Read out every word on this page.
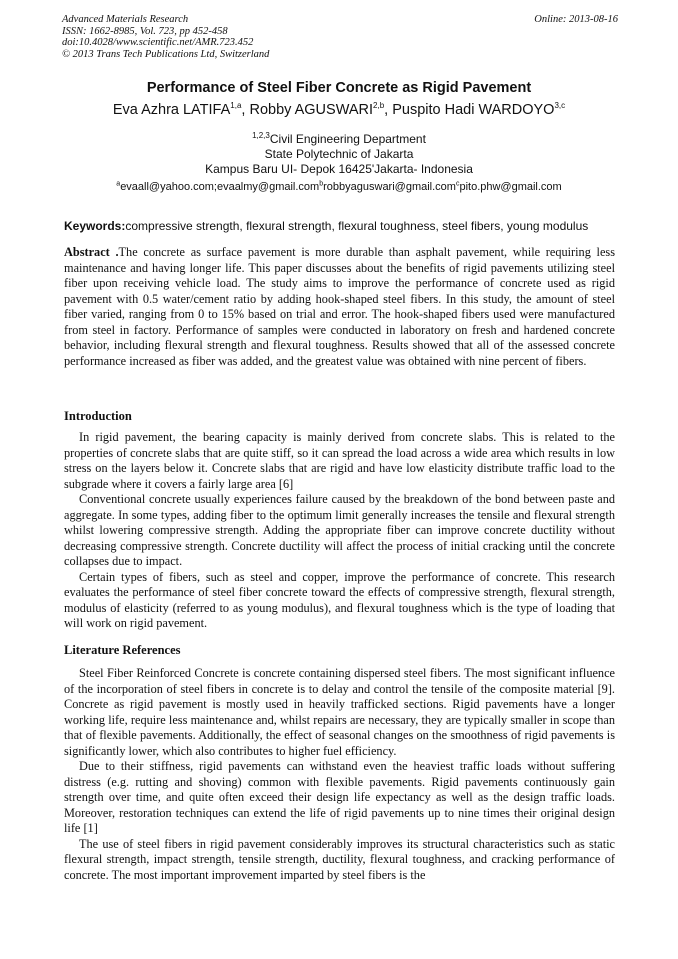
Advanced Materials Research
ISSN: 1662-8985, Vol. 723, pp 452-458
doi:10.4028/www.scientific.net/AMR.723.452
© 2013 Trans Tech Publications Ltd, Switzerland
Online: 2013-08-16
Performance of Steel Fiber Concrete as Rigid Pavement
Eva Azhra LATIFA$^{1,a}$, Robby AGUSWARI$^{2,b}$, Puspito Hadi WARDOYO$^{3,c}$
$^{1,2,3}$Civil Engineering Department
State Polytechnic of Jakarta
Kampus Baru UI- Depok 16425'Jakarta- Indonesia
$^a$evaall@yahoo.com;evaalmy@gmail.com$^b$robbyaguswari@gmail.com$^c$pito.phw@gmail.com
Keywords:compressive strength, flexural strength, flexural toughness, steel fibers, young modulus

Abstract .The concrete as surface pavement is more durable than asphalt pavement, while requiring less maintenance and having longer life. This paper discusses about the benefits of rigid pavements utilizing steel fiber upon receiving vehicle load. The study aims to improve the performance of concrete used as rigid pavement with 0.5 water/cement ratio by adding hook-shaped steel fibers. In this study, the amount of steel fiber varied, ranging from 0 to 15% based on trial and error. The hook-shaped fibers used were manufactured from steel in factory. Performance of samples were conducted in laboratory on fresh and hardened concrete behavior, including flexural strength and flexural toughness. Results showed that all of the assessed concrete performance increased as fiber was added, and the greatest value was obtained with nine percent of fibers.

Introduction

In rigid pavement, the bearing capacity is mainly derived from concrete slabs. This is related to the properties of concrete slabs that are quite stiff, so it can spread the load across a wide area which results in low stress on the layers below it. Concrete slabs that are rigid and have low elasticity distribute traffic load to the subgrade where it covers a fairly large area [6]

Conventional concrete usually experiences failure caused by the breakdown of the bond between paste and aggregate. In some types, adding fiber to the optimum limit generally increases the tensile and flexural strength whilst lowering compressive strength. Adding the appropriate fiber can improve concrete ductility without decreasing compressive strength. Concrete ductility will affect the process of initial cracking until the concrete collapses due to impact.

Certain types of fibers, such as steel and copper, improve the performance of concrete. This research evaluates the performance of steel fiber concrete toward the effects of compressive strength, flexural strength, modulus of elasticity (referred to as young modulus), and flexural toughness which is the type of loading that will work on rigid pavement.

Literature References

Steel Fiber Reinforced Concrete is concrete containing dispersed steel fibers. The most significant influence of the incorporation of steel fibers in concrete is to delay and control the tensile of the composite material [9]. Concrete as rigid pavement is mostly used in heavily trafficked sections. Rigid pavements have a longer working life, require less maintenance and, whilst repairs are necessary, they are typically smaller in scope than that of flexible pavements. Additionally, the effect of seasonal changes on the smoothness of rigid pavements is significantly lower, which also contributes to higher fuel efficiency.

Due to their stiffness, rigid pavements can withstand even the heaviest traffic loads without suffering distress (e.g. rutting and shoving) common with flexible pavements. Rigid pavements continuously gain strength over time, and quite often exceed their design life expectancy as well as the design traffic loads. Moreover, restoration techniques can extend the life of rigid pavements up to nine times their original design life [1]

The use of steel fibers in rigid pavement considerably improves its structural characteristics such as static flexural strength, impact strength, tensile strength, ductility, flexural toughness, and cracking performance of concrete. The most important improvement imparted by steel fibers is the
